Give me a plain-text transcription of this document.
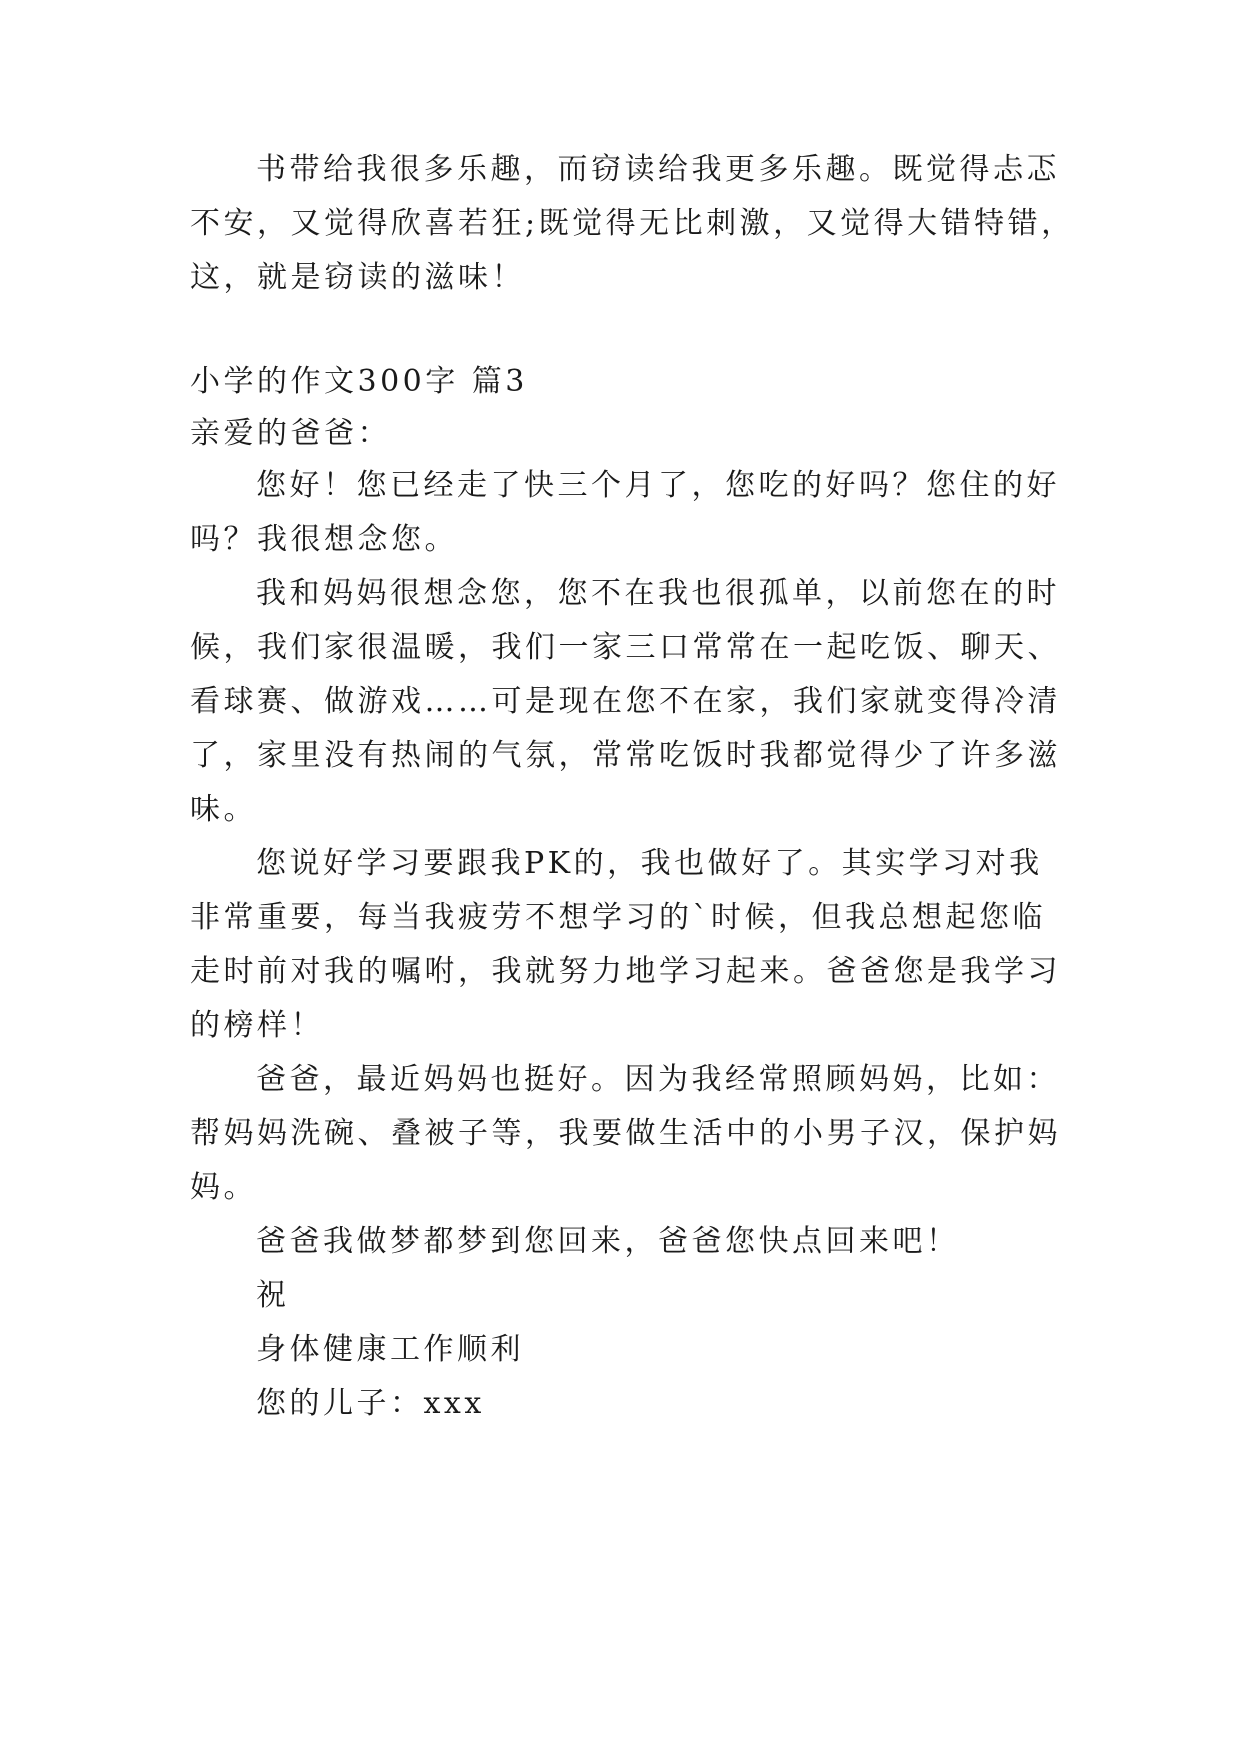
书带给我很多乐趣，而窃读给我更多乐趣。既觉得忐忑
不安，又觉得欣喜若狂;既觉得无比刺激，又觉得大错特错，
这，就是窃读的滋味！
小学的作文300字 篇3
亲爱的爸爸：
您好！您已经走了快三个月了，您吃的好吗？您住的好
吗？我很想念您。
我和妈妈很想念您，您不在我也很孤单，以前您在的时
候，我们家很温暖，我们一家三口常常在一起吃饭、聊天、
看球赛、做游戏……可是现在您不在家，我们家就变得冷清
了，家里没有热闹的气氛，常常吃饭时我都觉得少了许多滋
味。
您说好学习要跟我PK的，我也做好了。其实学习对我
非常重要，每当我疲劳不想学习的`时候，但我总想起您临
走时前对我的嘱咐，我就努力地学习起来。爸爸您是我学习
的榜样！
爸爸，最近妈妈也挺好。因为我经常照顾妈妈，比如：
帮妈妈洗碗、叠被子等，我要做生活中的小男子汉，保护妈
妈。
爸爸我做梦都梦到您回来，爸爸您快点回来吧！
祝
身体健康工作顺利
您的儿子：xxx
